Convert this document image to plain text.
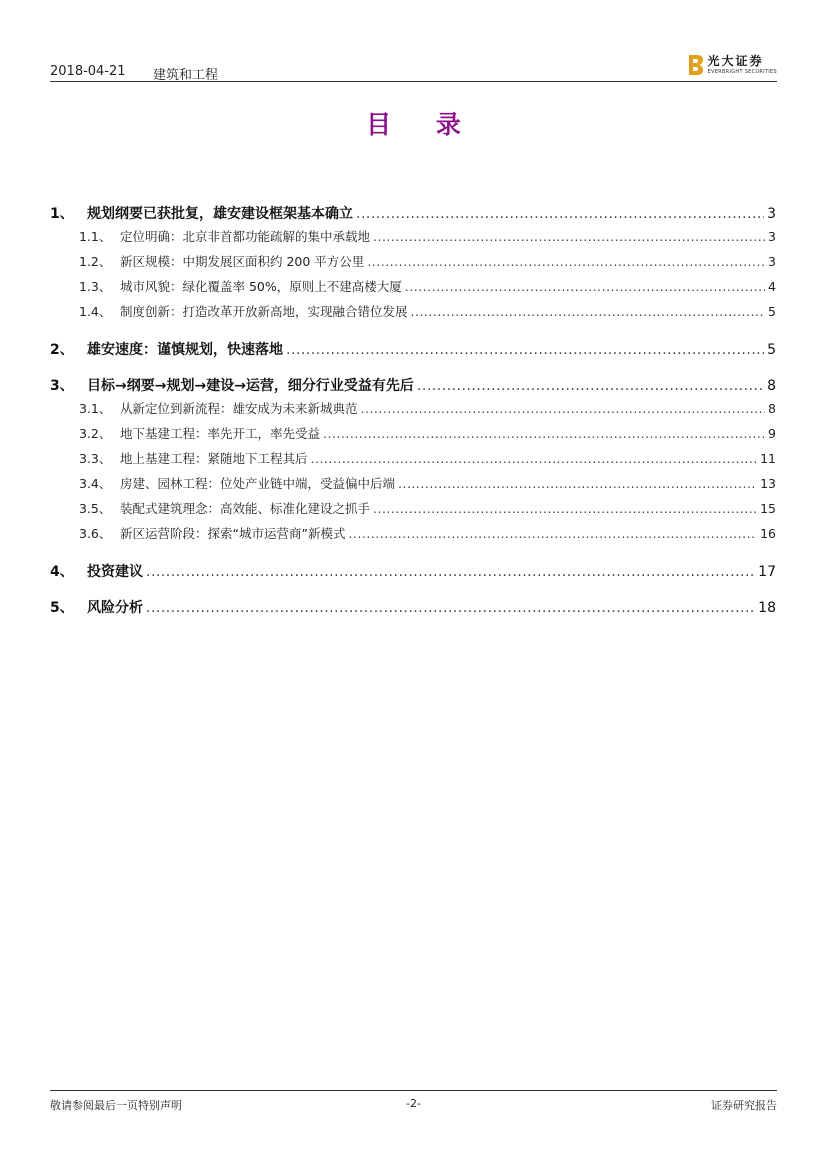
2018-04-21 建筑和工程
光大证券
EVERBRIGHT SECURITIES
目 录
1、 规划纲要已获批复，雄安建设框架基本确立 .....	3
1.1、 定位明确：北京非首都功能疏解的集中承载地 .....	3
1.2、 新区规模：中期发展区面积约 200 平方公里 .....	3
1.3、 城市风貌：绿化覆盖率 50%，原则上不建高楼大厦 .....	4
1.4、 制度创新：打造改革开放新高地，实现融合错位发展 .....	5
2、 雄安速度：谨慎规划，快速落地 .....	5
3、 目标→纲要→规划→建设→运营，细分行业受益有先后 .....	8
3.1、 从新定位到新流程：雄安成为未来新城典范 .....	8
3.2、 地下基建工程：率先开工，率先受益 .....	9
3.3、 地上基建工程：紧随地下工程其后 .....	11
3.4、 房建、园林工程：位处产业链中端，受益偏中后端 .....	13
3.5、 装配式建筑理念：高效能、标准化建设之抓手 .....	15
3.6、 新区运营阶段：探索“城市运营商”新模式 .....	16
4、 投资建议 .....	17
5、 风险分析 .....	18
敬请参阅最后一页特别声明	-2-	证券研究报告
